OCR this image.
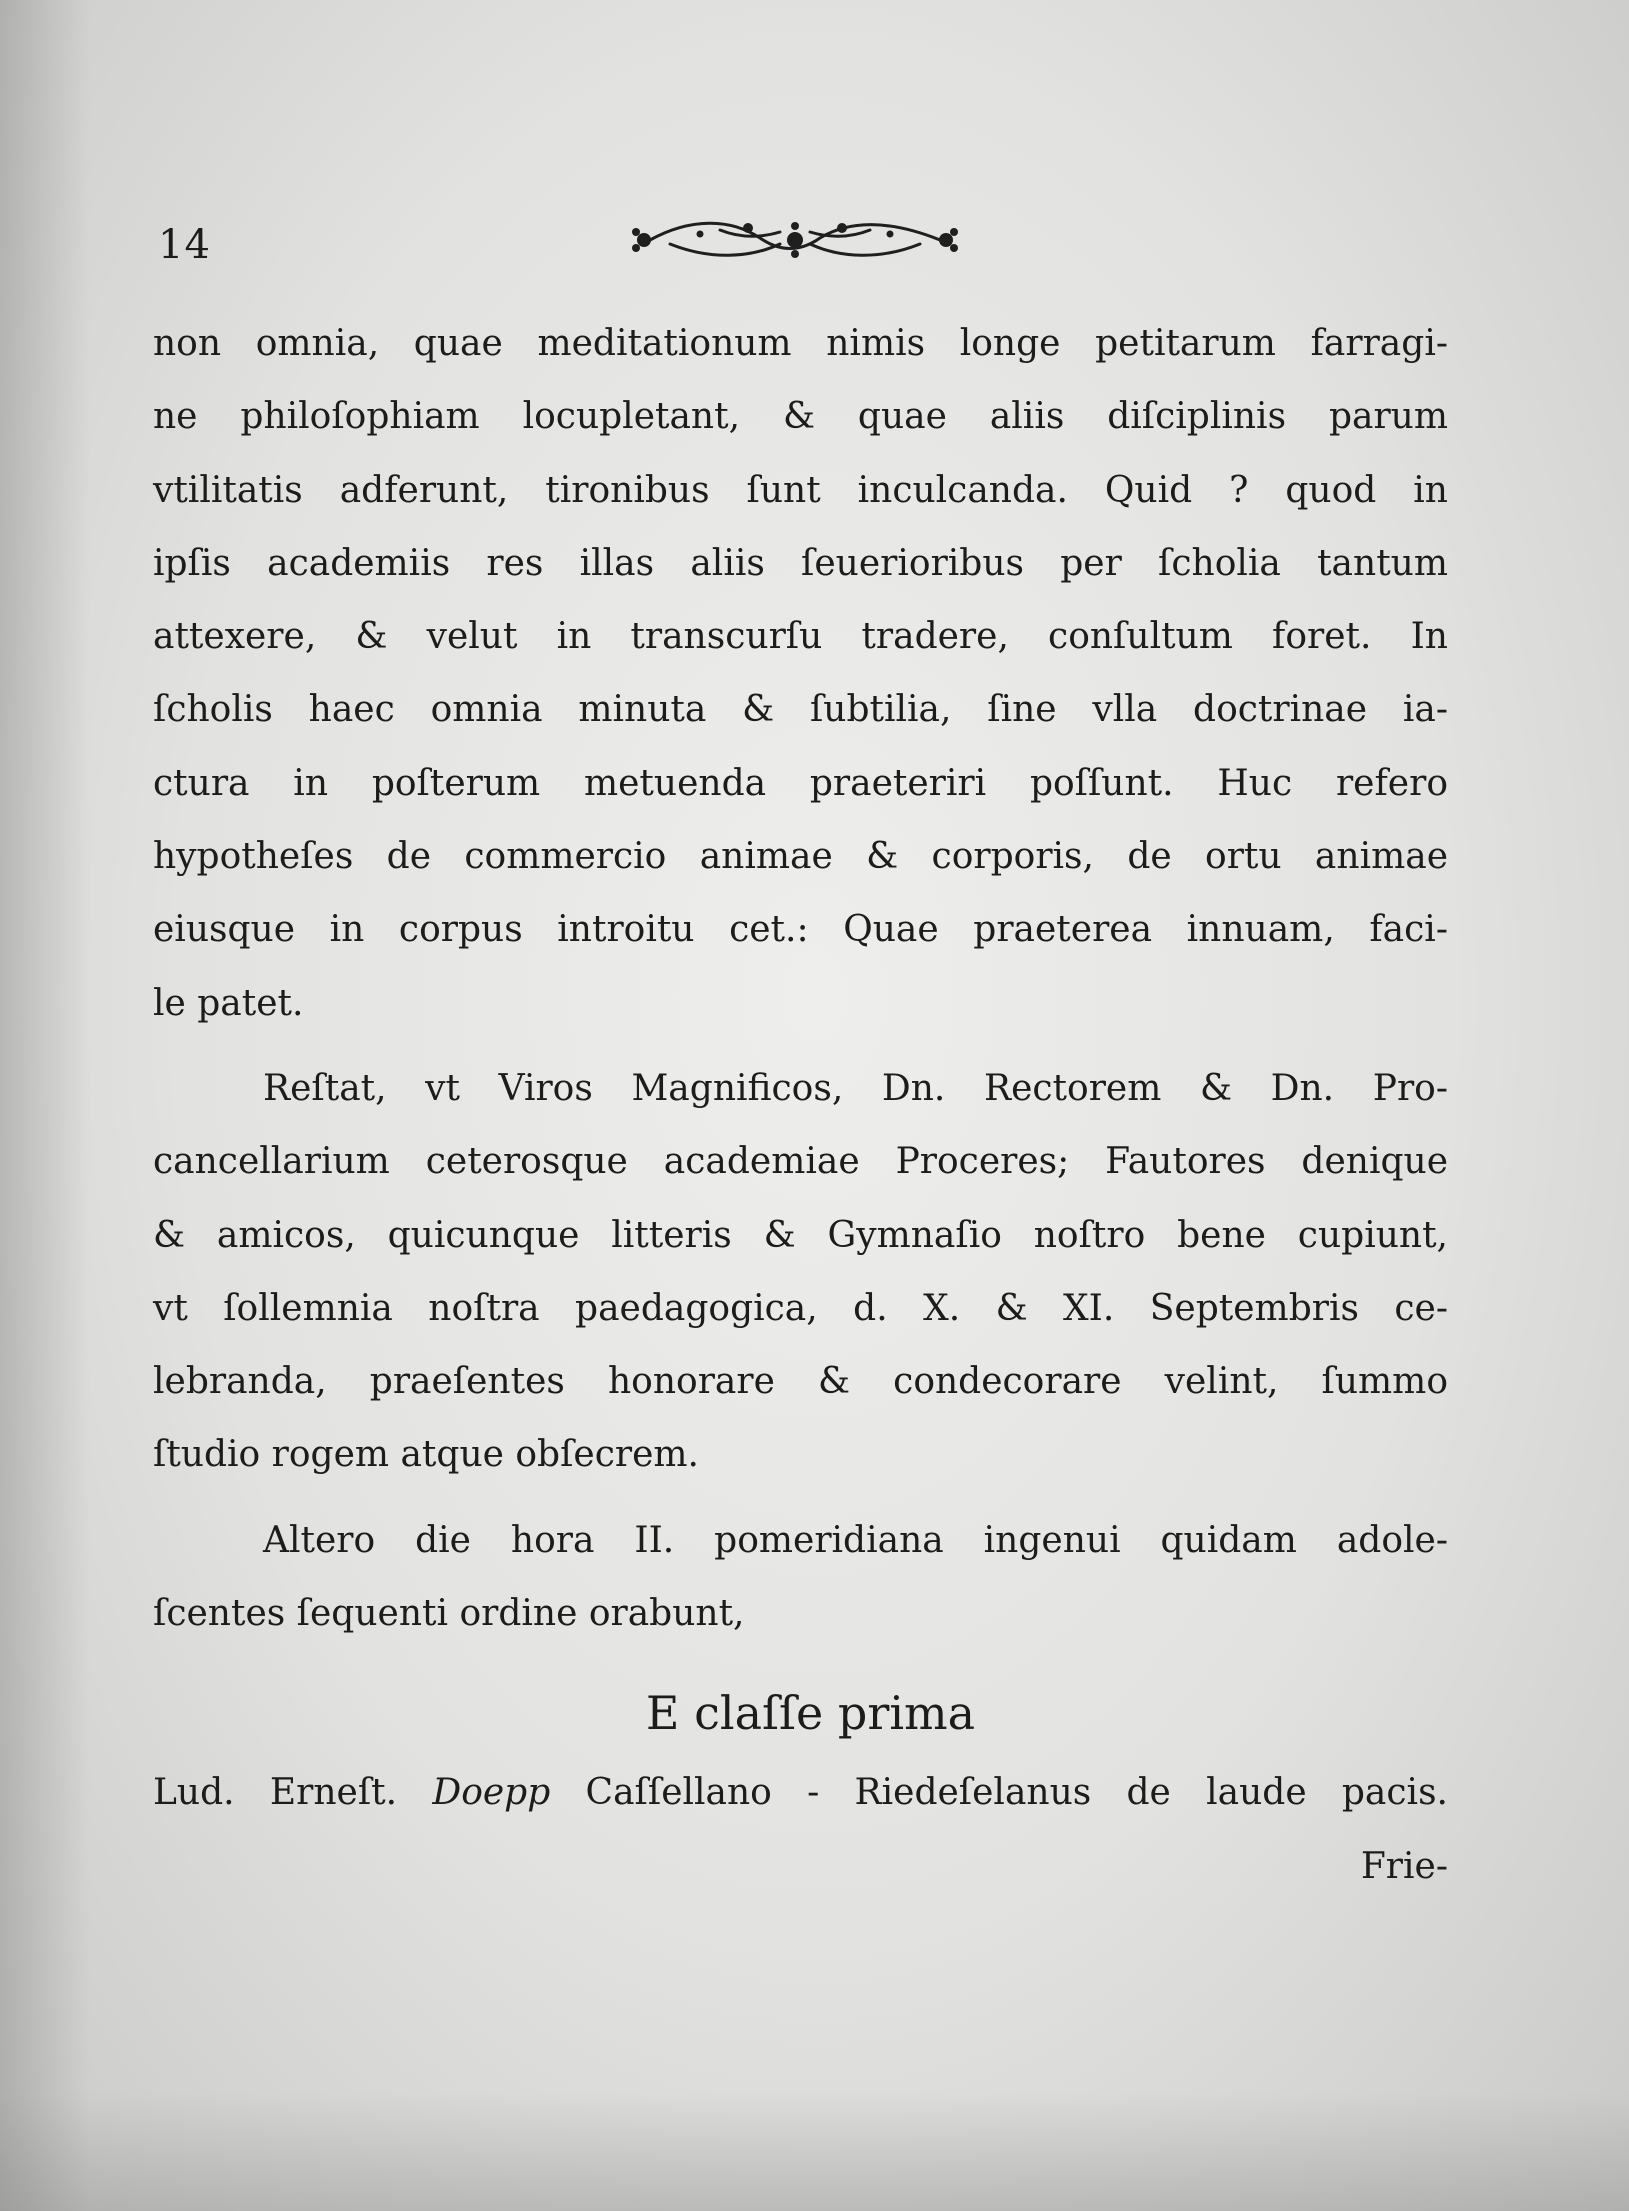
14
non omnia, quae meditationum nimis longe petitarum farragi-
ne philoſophiam locupletant, & quae aliis diſciplinis parum
vtilitatis adferunt, tironibus ſunt inculcanda. Quid ? quod in
ipſis academiis res illas aliis ſeuerioribus per ſcholia tantum
attexere, & velut in transcurſu tradere, conſultum foret. In
ſcholis haec omnia minuta & ſubtilia, ſine vlla doctrinae ia-
ctura in poſterum metuenda praeteriri poſſunt. Huc refero
hypotheſes de commercio animae & corporis, de ortu animae
eiusque in corpus introitu cet.: Quae praeterea innuam, faci-
le patet.
Reſtat, vt Viros Magnificos, Dn. Rectorem & Dn. Pro-
cancellarium ceterosque academiae Proceres; Fautores denique
& amicos, quicunque litteris & Gymnaſio noſtro bene cupiunt,
vt ſollemnia noſtra paedagogica, d. X. & XI. Septembris ce-
lebranda, praeſentes honorare & condecorare velint, ſummo
ſtudio rogem atque obſecrem.
Altero die hora II. pomeridiana ingenui quidam adole-
ſcentes ſequenti ordine orabunt,
E claſſe prima
Lud. Erneſt. Doepp Caſſellano - Riedeſelanus de laude pacis.
Frie-
